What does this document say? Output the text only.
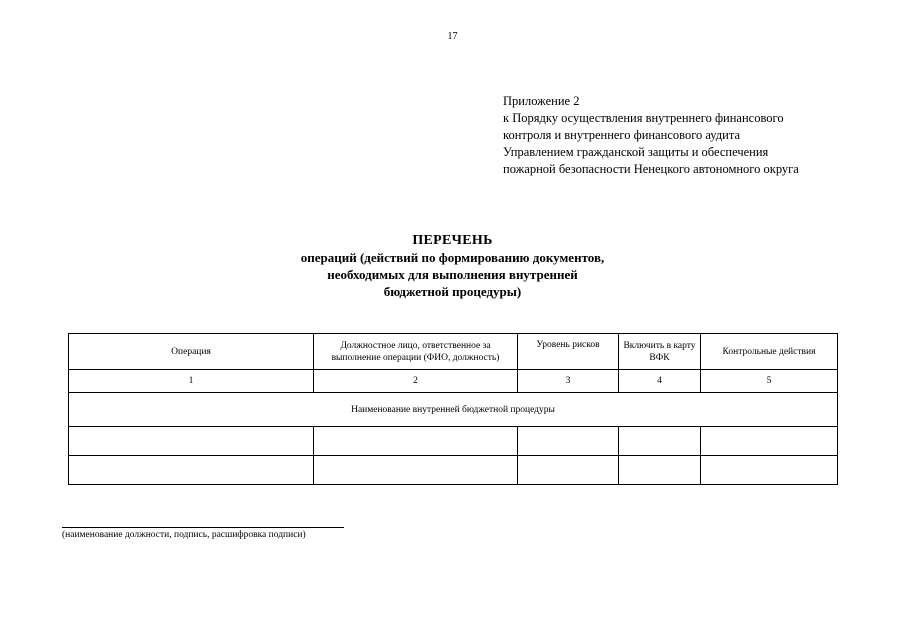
17
Приложение 2
к Порядку осуществления внутреннего финансового
контроля и внутреннего финансового аудита
Управлением гражданской защиты и обеспечения
пожарной безопасности Ненецкого автономного округа
ПЕРЕЧЕНЬ
операций (действий по формированию документов,
необходимых для выполнения внутренней
бюджетной процедуры)
Операция	Должностное лицо, ответственное за выполнение операции (ФИО, должность)	Уровень рисков	Включить в карту ВФК	Контрольные действия
1	2	3	4	5
Наименование внутренней бюджетной процедуры				

(наименование должности, подпись, расшифровка подписи)
